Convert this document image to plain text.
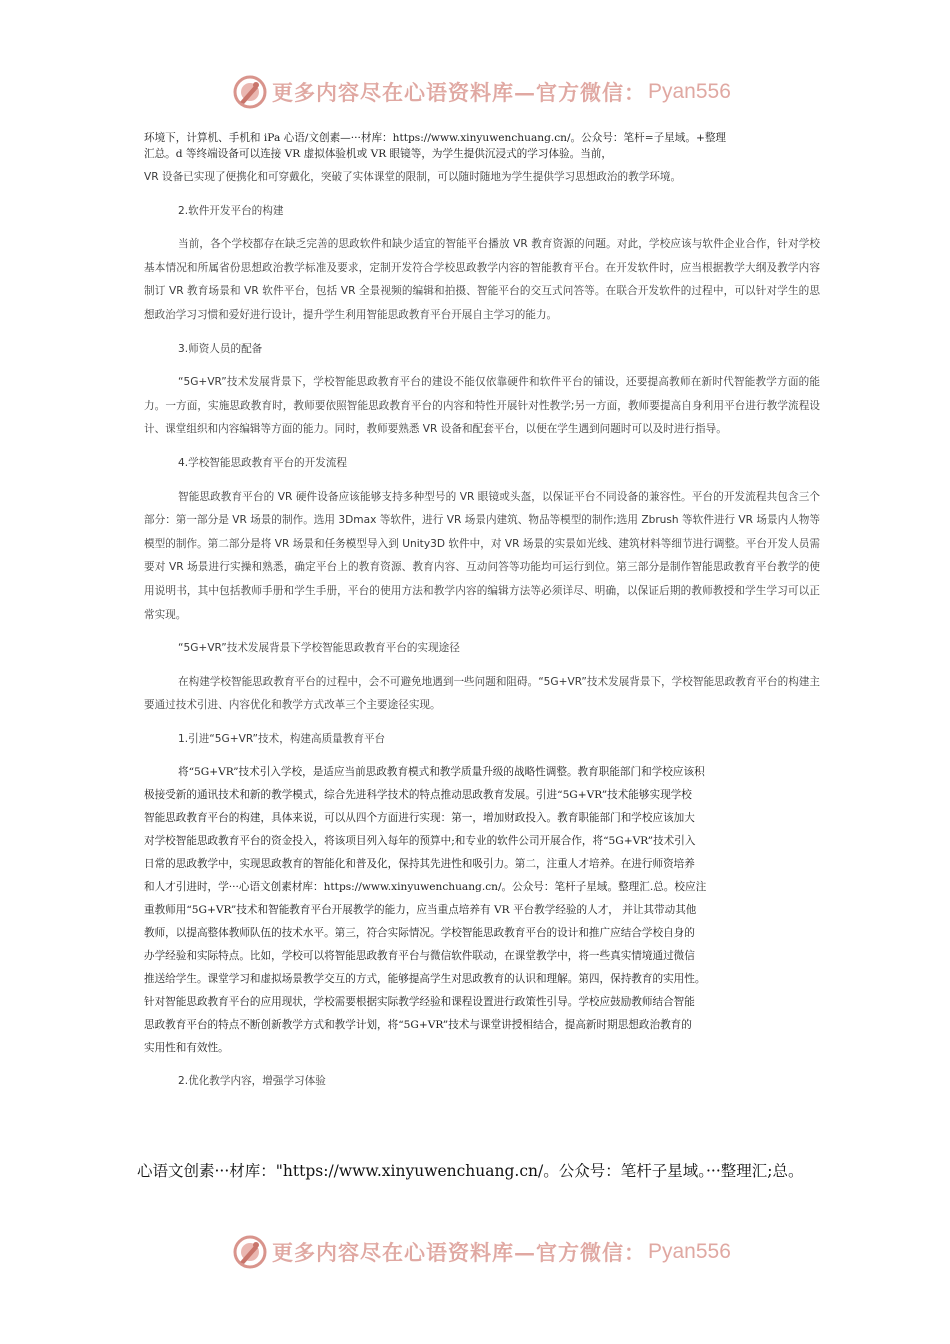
更多内容尽在心语资料库—官方微信： Pyan556

环境下，计算机、手机和 iPa 心语/文创素—···材库：https://www.xinyuwenchuang.cn/。公众号：笔杆=子星域。+整理

汇总。d 等终端设备可以连接 VR 虚拟体验机或 VR 眼镜等，为学生提供沉浸式的学习体验。当前，

VR 设备已实现了便携化和可穿戴化，突破了实体课堂的限制，可以随时随地为学生提供学习思想政治的教学环境。

2.软件开发平台的构建

当前，各个学校都存在缺乏完善的思政软件和缺少适宜的智能平台播放 VR 教育资源的问题。对此，学校应该与软件企业合作，针对学校基本情况和所属省份思想政治教学标准及要求，定制开发符合学校思政教学内容的智能教育平台。在开发软件时，应当根据教学大纲及教学内容制订 VR 教育场景和 VR 软件平台，包括 VR 全景视频的编辑和拍摄、智能平台的交互式问答等。在联合开发软件的过程中，可以针对学生的思想政治学习习惯和爱好进行设计，提升学生利用智能思政教育平台开展自主学习的能力。

3.师资人员的配备

“5G+VR”技术发展背景下，学校智能思政教育平台的建设不能仅依靠硬件和软件平台的铺设，还要提高教师在新时代智能教学方面的能力。一方面，实施思政教育时，教师要依照智能思政教育平台的内容和特性开展针对性教学;另一方面，教师要提高自身利用平台进行教学流程设计、课堂组织和内容编辑等方面的能力。同时，教师要熟悉 VR 设备和配套平台，以便在学生遇到问题时可以及时进行指导。

4.学校智能思政教育平台的开发流程

智能思政教育平台的 VR 硬件设备应该能够支持多种型号的 VR 眼镜或头盔，以保证平台不同设备的兼容性。平台的开发流程共包含三个部分：第一部分是 VR 场景的制作。选用 3Dmax 等软件，进行 VR 场景内建筑、物品等模型的制作;选用 Zbrush 等软件进行 VR 场景内人物等模型的制作。第二部分是将 VR 场景和任务模型导入到 Unity3D 软件中，对 VR 场景的实景如光线、建筑材料等细节进行调整。平台开发人员需要对 VR 场景进行实操和熟悉，确定平台上的教育资源、教育内容、互动问答等功能均可运行到位。第三部分是制作智能思政教育平台教学的使用说明书，其中包括教师手册和学生手册，平台的使用方法和教学内容的编辑方法等必须详尽、明确，以保证后期的教师教授和学生学习可以正常实现。

“5G+VR”技术发展背景下学校智能思政教育平台的实现途径

在构建学校智能思政教育平台的过程中，会不可避免地遇到一些问题和阻碍。“5G+VR”技术发展背景下，学校智能思政教育平台的构建主要通过技术引进、内容优化和教学方式改革三个主要途径实现。

1.引进“5G+VR”技术，构建高质量教育平台

将“5G+VR”技术引入学校，是适应当前思政教育模式和教学质量升级的战略性调整。教育职能部门和学校应该积

极接受新的通讯技术和新的教学模式，综合先进科学技术的特点推动思政教育发展。引进“5G+VR”技术能够实现学校

智能思政教育平台的构建，具体来说，可以从四个方面进行实现：第一，增加财政投入。教育职能部门和学校应该加大

对学校智能思政教育平台的资金投入，将该项目列入每年的预算中;和专业的软件公司开展合作，将“5G+VR”技术引入

日常的思政教学中，实现思政教育的智能化和普及化，保持其先进性和吸引力。第二，注重人才培养。在进行师资培养

和人才引进时，学···心语文创素材库：https://www.xinyuwenchuang.cn/。公众号：笔杆子星域。整理汇.总。校应注

重教师用“5G+VR”技术和智能教育平台开展教学的能力，应当重点培养有 VR 平台教学经验的人才， 并让其带动其他

教师，以提高整体教师队伍的技术水平。第三，符合实际情况。学校智能思政教育平台的设计和推广应结合学校自身的

办学经验和实际特点。比如，学校可以将智能思政教育平台与微信软件联动，在课堂教学中，将一些真实情境通过微信

推送给学生。课堂学习和虚拟场景教学交互的方式，能够提高学生对思政教育的认识和理解。第四，保持教育的实用性。

针对智能思政教育平台的应用现状，学校需要根据实际教学经验和课程设置进行政策性引导。学校应鼓励教师结合智能

思政教育平台的特点不断创新教学方式和教学计划，将“5G+VR”技术与课堂讲授相结合，提高新时期思想政治教育的

实用性和有效性。

2.优化教学内容，增强学习体验

心语文创素···材库："https://www.xinyuwenchuang.cn/。公众号：笔杆子星域。···整理汇;总。

更多内容尽在心语资料库—官方微信： Pyan556
